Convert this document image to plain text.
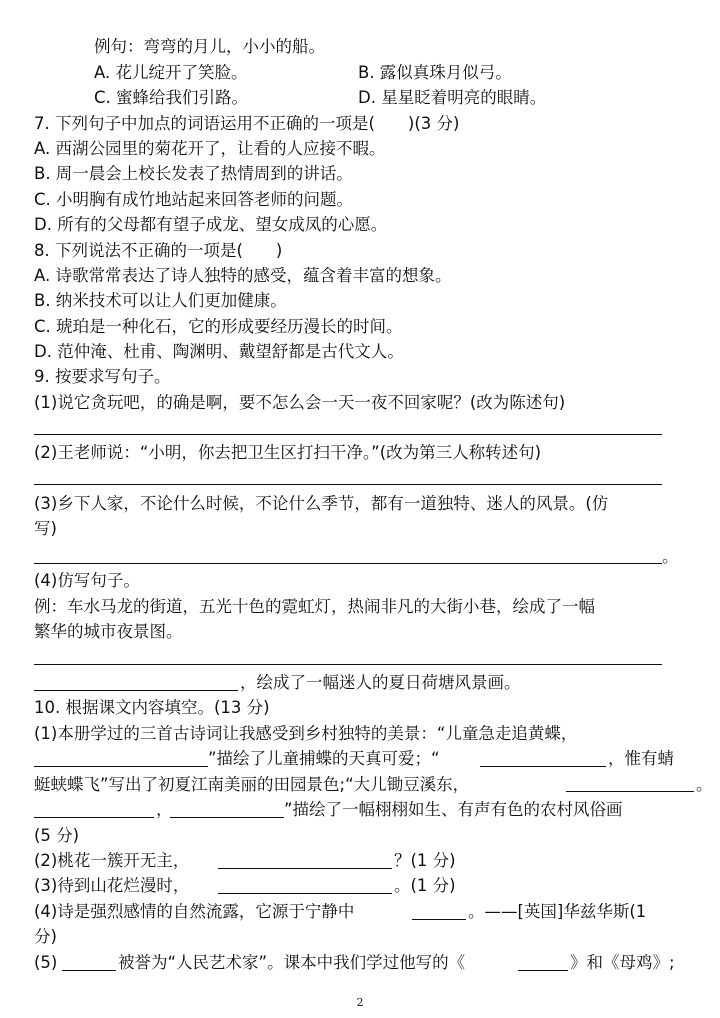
例句：弯弯的月儿，小小的船。
A. 花儿绽开了笑脸。	B. 露似真珠月似弓。
C. 蜜蜂给我们引路。	D. 星星眨着明亮的眼睛。
7. 下列句子中加点的词语运用不正确的一项是(　　)(3 分)
A. 西湖公园里的菊花开了，让看的人应接不暇。
B. 周一晨会上校长发表了热情周到的讲话。
C. 小明胸有成竹地站起来回答老师的问题。
D. 所有的父母都有望子成龙、望女成凤的心愿。
8. 下列说法不正确的一项是(　　)
A. 诗歌常常表达了诗人独特的感受，蕴含着丰富的想象。
B. 纳米技术可以让人们更加健康。
C. 琥珀是一种化石，它的形成要经历漫长的时间。
D. 范仲淹、杜甫、陶渊明、戴望舒都是古代文人。
9. 按要求写句子。
(1)说它贪玩吧，的确是啊，要不怎么会一天一夜不回家呢？(改为陈述句)
(2)王老师说：“小明，你去把卫生区打扫干净。”(改为第三人称转述句)
(3)乡下人家，不论什么时候，不论什么季节，都有一道独特、迷人的风景。(仿
写)
。
(4)仿写句子。
例：车水马龙的街道，五光十色的霓虹灯，热闹非凡的大街小巷，绘成了一幅
繁华的城市夜景图。
，绘成了一幅迷人的夏日荷塘风景画。
10. 根据课文内容填空。(13 分)
(1)本册学过的三首古诗词让我感受到乡村独特的美景：“儿童急走追黄蝶，
”描绘了儿童捕蝶的天真可爱；“	，惟有蜻
蜓蛱蝶飞”写出了初夏江南美丽的田园景色;“大儿锄豆溪东，	。
，	”描绘了一幅栩栩如生、有声有色的农村风俗画
(5 分)
(2)桃花一簇开无主，	？(1 分)
(3)待到山花烂漫时，	。(1 分)
(4)诗是强烈感情的自然流露，它源于宁静中	。——[英国]华兹华斯(1
分)
(5)	被誉为“人民艺术家”。课本中我们学过他写的《	》和《母鸡》;
2
